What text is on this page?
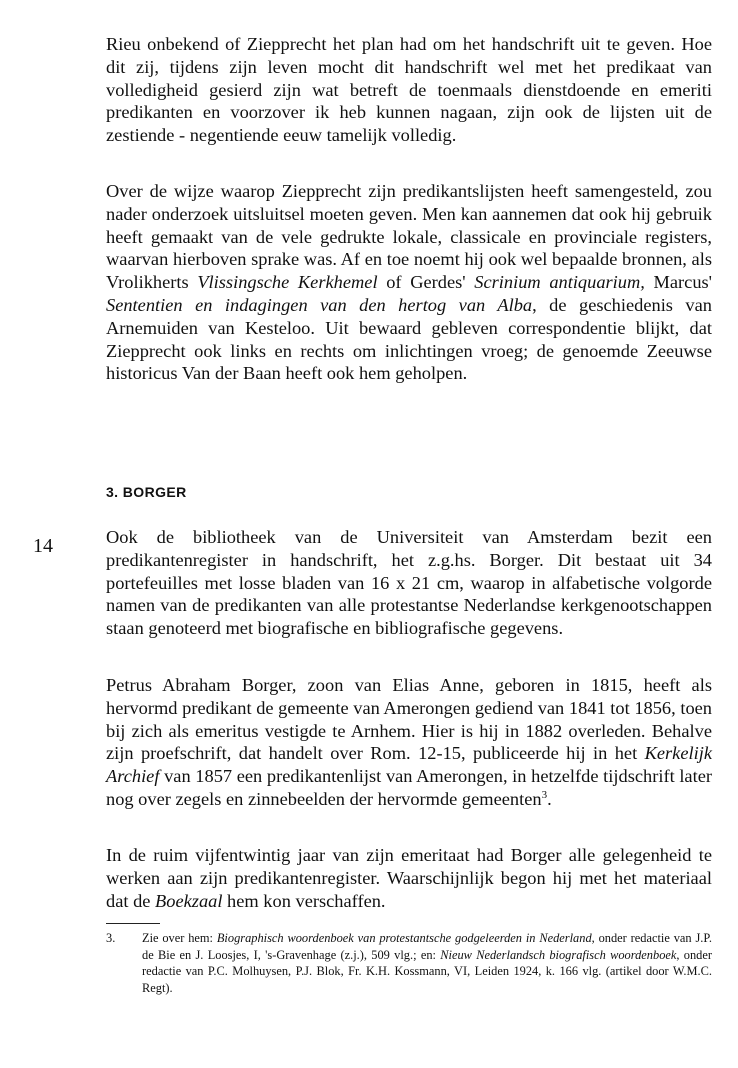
Rieu onbekend of Ziepprecht het plan had om het handschrift uit te geven. Hoe dit zij, tijdens zijn leven mocht dit handschrift wel met het predikaat van volledigheid gesierd zijn wat betreft de toenmaals dienstdoende en emeriti predikanten en voorzover ik heb kunnen nagaan, zijn ook de lijsten uit de zestiende - negentiende eeuw tamelijk volledig.

Over de wijze waarop Ziepprecht zijn predikantslijsten heeft samengesteld, zou nader onderzoek uitsluitsel moeten geven. Men kan aannemen dat ook hij gebruik heeft gemaakt van de vele gedrukte lokale, classicale en provinciale registers, waarvan hierboven sprake was. Af en toe noemt hij ook wel bepaalde bronnen, als Vrolikherts Vlissingsche Kerkhemel of Gerdes' Scrinium antiquarium, Marcus' Sententien en indagingen van den hertog van Alba, de geschiedenis van Arnemuiden van Kesteloo. Uit bewaard gebleven correspondentie blijkt, dat Ziepprecht ook links en rechts om inlichtingen vroeg; de genoemde Zeeuwse historicus Van der Baan heeft ook hem geholpen.

3. BORGER
14	Ook de bibliotheek van de Universiteit van Amsterdam bezit een predikantenregister in handschrift, het z.g.hs. Borger. Dit bestaat uit 34 portefeuilles met losse bladen van 16 x 21 cm, waarop in alfabetische volgorde namen van de predikanten van alle protestantse Nederlandse kerkgenootschappen staan genoteerd met biografische en bibliografische gegevens.

Petrus Abraham Borger, zoon van Elias Anne, geboren in 1815, heeft als hervormd predikant de gemeente van Amerongen gediend van 1841 tot 1856, toen bij zich als emeritus vestigde te Arnhem. Hier is hij in 1882 overleden. Behalve zijn proefschrift, dat handelt over Rom. 12-15, publiceerde hij in het Kerkelijk Archief van 1857 een predikantenlijst van Amerongen, in hetzelfde tijdschrift later nog over zegels en zinnebeelden der hervormde gemeenten$^3$.

In de ruim vijfentwintig jaar van zijn emeritaat had Borger alle gelegenheid te werken aan zijn predikantenregister. Waarschijnlijk begon hij met het materiaal dat de Boekzaal hem kon verschaffen.

3. Zie over hem: Biographisch woordenboek van protestantsche godgeleerden in Nederland, onder redactie van J.P. de Bie en J. Loosjes, I, 's-Gravenhage (z.j.), 509 vlg.; en: Nieuw Nederlandsch biografisch woordenboek, onder redactie van P.C. Molhuysen, P.J. Blok, Fr. K.H. Kossmann, VI, Leiden 1924, k. 166 vlg. (artikel door W.M.C. Regt).
